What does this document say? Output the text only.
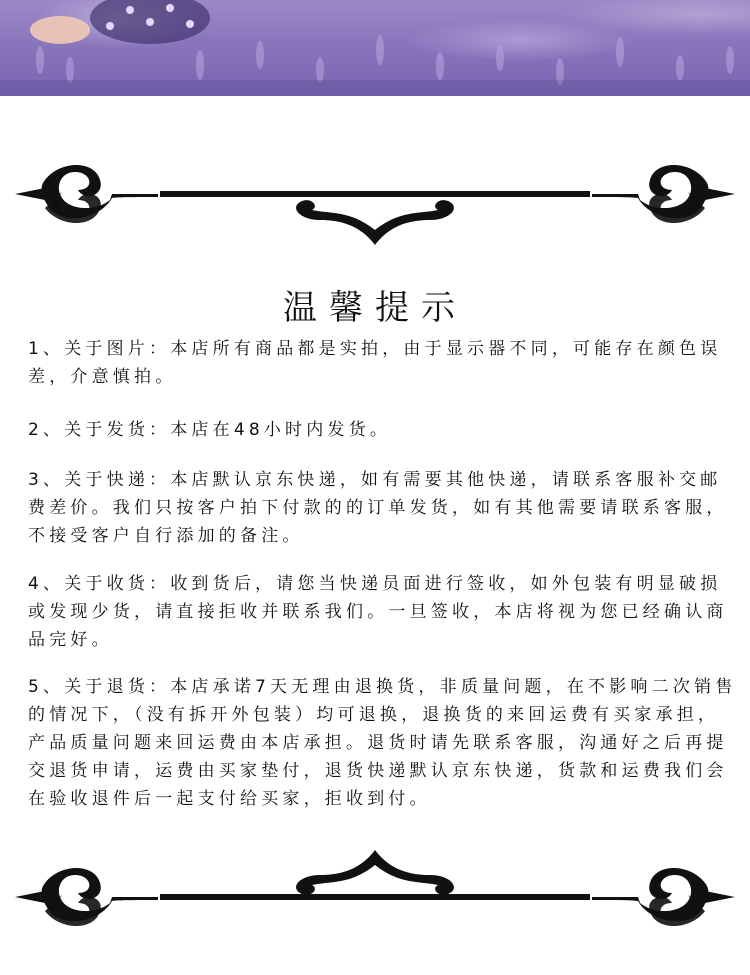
温馨提示
1、关于图片：本店所有商品都是实拍，由于显示器不同，可能存在颜色误差，介意慎拍。
2、关于发货：本店在48小时内发货。
3、关于快递：本店默认京东快递，如有需要其他快递，请联系客服补交邮费差价。我们只按客户拍下付款的的订单发货，如有其他需要请联系客服，不接受客户自行添加的备注。
4、关于收货：收到货后，请您当快递员面进行签收，如外包装有明显破损或发现少货，请直接拒收并联系我们。一旦签收，本店将视为您已经确认商品完好。
5、关于退货：本店承诺7天无理由退换货，非质量问题，在不影响二次销售的情况下，（没有拆开外包装）均可退换，退换货的来回运费有买家承担，产品质量问题来回运费由本店承担。退货时请先联系客服，沟通好之后再提交退货申请，运费由买家垫付，退货快递默认京东快递，货款和运费我们会在验收退件后一起支付给买家，拒收到付。
